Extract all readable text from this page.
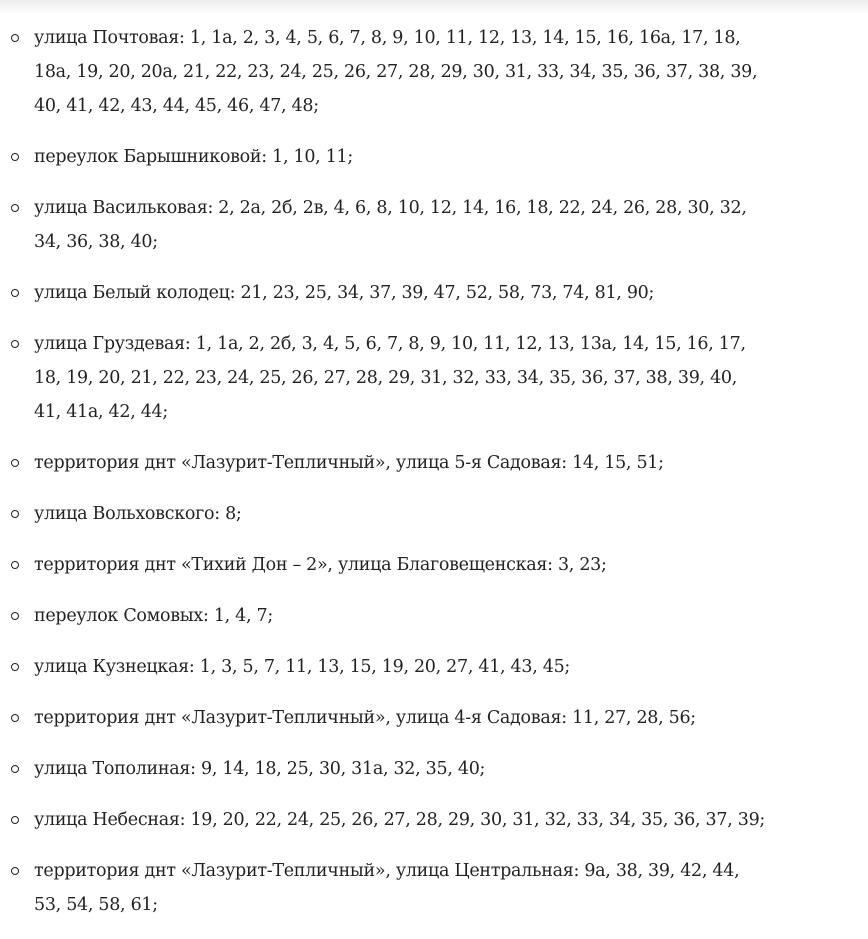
улица Почтовая: 1, 1а, 2, 3, 4, 5, 6, 7, 8, 9, 10, 11, 12, 13, 14, 15, 16, 16а, 17, 18, 18а, 19, 20, 20а, 21, 22, 23, 24, 25, 26, 27, 28, 29, 30, 31, 33, 34, 35, 36, 37, 38, 39, 40, 41, 42, 43, 44, 45, 46, 47, 48;
переулок Барышниковой: 1, 10, 11;
улица Васильковая: 2, 2а, 2б, 2в, 4, 6, 8, 10, 12, 14, 16, 18, 22, 24, 26, 28, 30, 32, 34, 36, 38, 40;
улица Белый колодец: 21, 23, 25, 34, 37, 39, 47, 52, 58, 73, 74, 81, 90;
улица Груздевая: 1, 1а, 2, 2б, 3, 4, 5, 6, 7, 8, 9, 10, 11, 12, 13, 13а, 14, 15, 16, 17, 18, 19, 20, 21, 22, 23, 24, 25, 26, 27, 28, 29, 31, 32, 33, 34, 35, 36, 37, 38, 39, 40, 41, 41а, 42, 44;
территория днт «Лазурит-Тепличный», улица 5-я Садовая: 14, 15, 51;
улица Вольховского: 8;
территория днт «Тихий Дон – 2», улица Благовещенская: 3, 23;
переулок Сомовых: 1, 4, 7;
улица Кузнецкая: 1, 3, 5, 7, 11, 13, 15, 19, 20, 27, 41, 43, 45;
территория днт «Лазурит-Тепличный», улица 4-я Садовая: 11, 27, 28, 56;
улица Тополиная: 9, 14, 18, 25, 30, 31а, 32, 35, 40;
улица Небесная: 19, 20, 22, 24, 25, 26, 27, 28, 29, 30, 31, 32, 33, 34, 35, 36, 37, 39;
территория днт «Лазурит-Тепличный», улица Центральная: 9а, 38, 39, 42, 44, 53, 54, 58, 61;
